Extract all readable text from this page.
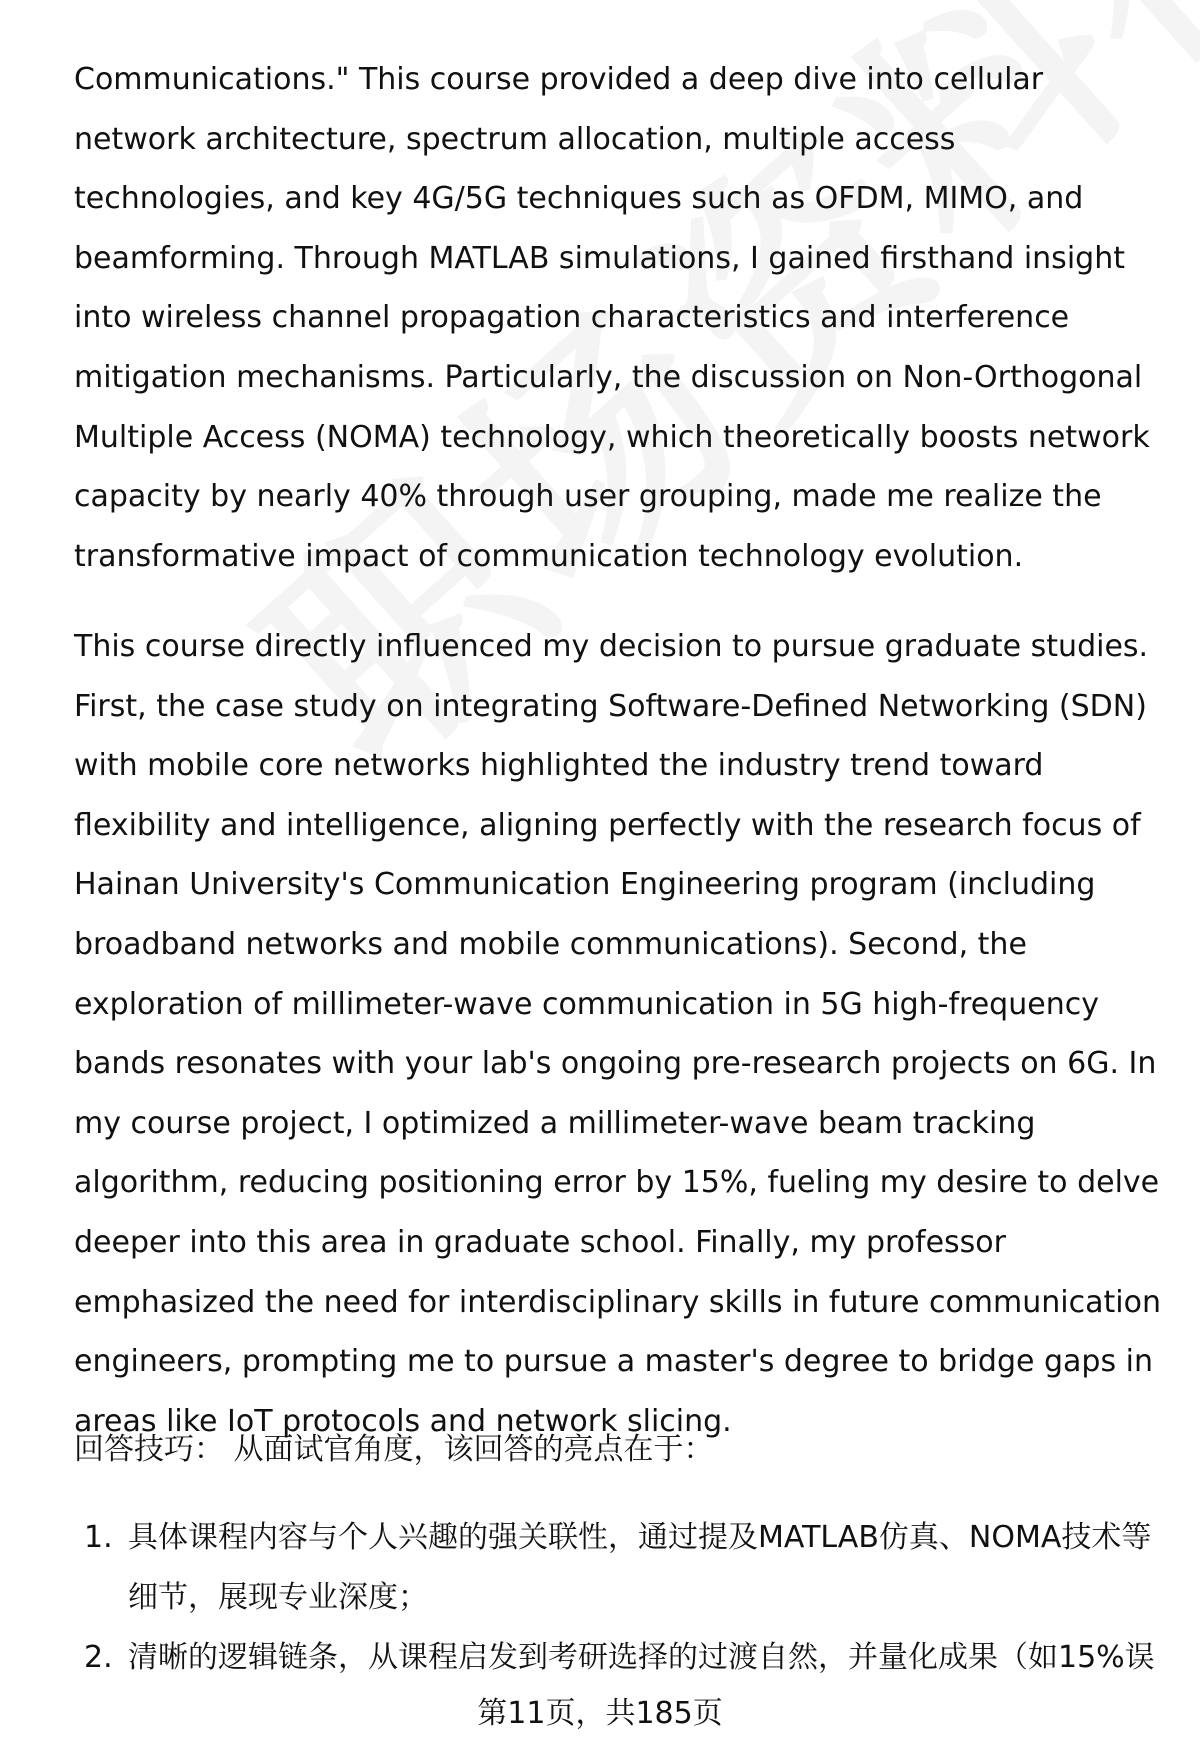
Communications." This course provided a deep dive into cellular network architecture, spectrum allocation, multiple access technologies, and key 4G/5G techniques such as OFDM, MIMO, and beamforming. Through MATLAB simulations, I gained firsthand insight into wireless channel propagation characteristics and interference mitigation mechanisms. Particularly, the discussion on Non-Orthogonal Multiple Access (NOMA) technology, which theoretically boosts network capacity by nearly 40% through user grouping, made me realize the transformative impact of communication technology evolution.

This course directly influenced my decision to pursue graduate studies. First, the case study on integrating Software-Defined Networking (SDN) with mobile core networks highlighted the industry trend toward flexibility and intelligence, aligning perfectly with the research focus of Hainan University's Communication Engineering program (including broadband networks and mobile communications). Second, the exploration of millimeter-wave communication in 5G high-frequency bands resonates with your lab's ongoing pre-research projects on 6G. In my course project, I optimized a millimeter-wave beam tracking algorithm, reducing positioning error by 15%, fueling my desire to delve deeper into this area in graduate school. Finally, my professor emphasized the need for interdisciplinary skills in future communication engineers, prompting me to pursue a master's degree to bridge gaps in areas like IoT protocols and network slicing.

回答技巧： 从面试官角度，该回答的亮点在于：

1. 具体课程内容与个人兴趣的强关联性，通过提及MATLAB仿真、NOMA技术等细节，展现专业深度；
2. 清晰的逻辑链条，从课程启发到考研选择的过渡自然，并量化成果（如15%误
第11页，共185页
